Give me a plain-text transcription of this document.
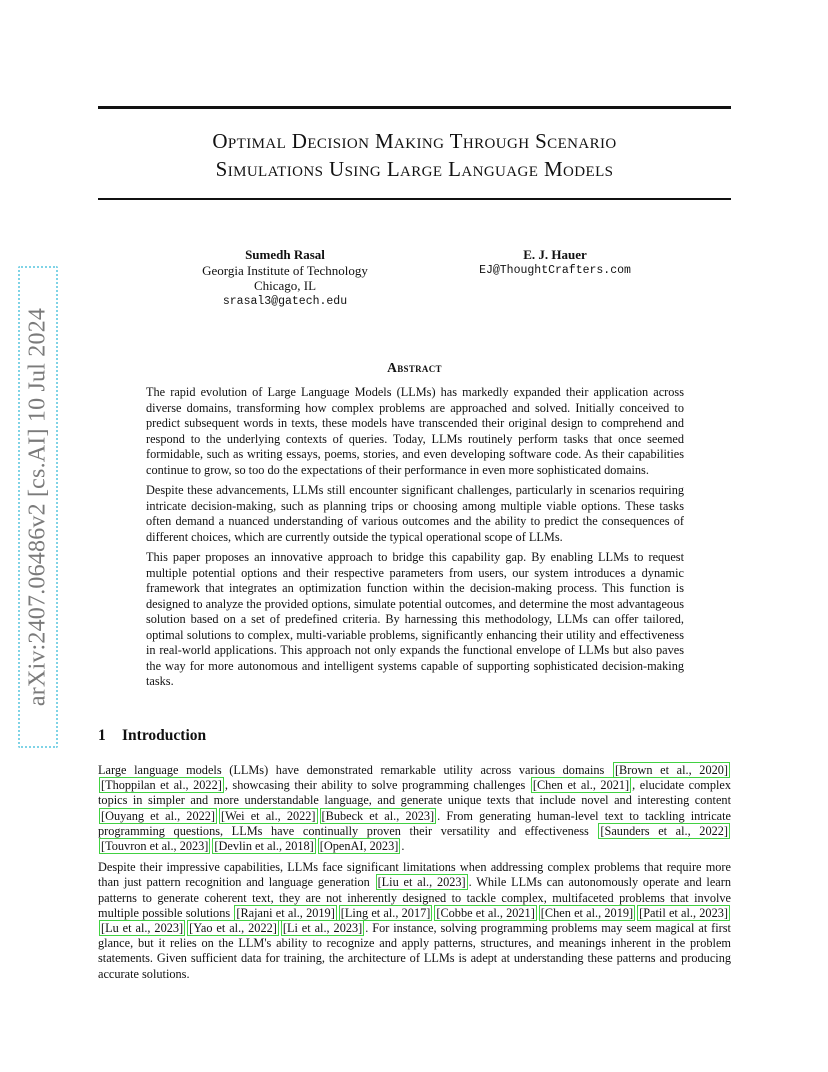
Optimal Decision Making Through Scenario
Simulations Using Large Language Models
arXiv:2407.06486v2 [cs.AI] 10 Jul 2024
Sumedh Rasal
Georgia Institute of Technology
Chicago, IL
srasal3@gatech.edu
E. J. Hauer
EJ@ThoughtCrafters.com
Abstract

The rapid evolution of Large Language Models (LLMs) has markedly expanded their application across diverse domains, transforming how complex problems are approached and solved. Initially conceived to predict subsequent words in texts, these models have transcended their original design to comprehend and respond to the underlying contexts of queries. Today, LLMs routinely perform tasks that once seemed formidable, such as writing essays, poems, stories, and even developing software code. As their capabilities continue to grow, so too do the expectations of their performance in even more sophisticated domains.

Despite these advancements, LLMs still encounter significant challenges, particularly in scenarios requiring intricate decision-making, such as planning trips or choosing among multiple viable options. These tasks often demand a nuanced understanding of various outcomes and the ability to predict the consequences of different choices, which are currently outside the typical operational scope of LLMs.

This paper proposes an innovative approach to bridge this capability gap. By enabling LLMs to request multiple potential options and their respective parameters from users, our system introduces a dynamic framework that integrates an optimization function within the decision-making process. This function is designed to analyze the provided options, simulate potential outcomes, and determine the most advantageous solution based on a set of predefined criteria. By harnessing this methodology, LLMs can offer tailored, optimal solutions to complex, multi-variable problems, significantly enhancing their utility and effectiveness in real-world applications. This approach not only expands the functional envelope of LLMs but also paves the way for more autonomous and intelligent systems capable of supporting sophisticated decision-making tasks.

1 Introduction

Large language models (LLMs) have demonstrated remarkable utility across various domains [Brown et al., 2020][Thoppilan et al., 2022] , showcasing their ability to solve programming challenges [Chen et al., 2021] , elucidate complex topics in simpler and more understandable language, and generate unique texts that include novel and interesting content [Ouyang et al., 2022] [Wei et al., 2022] [Bubeck et al., 2023] . From generating human-level text to tackling intricate programming questions, LLMs have continually proven their versatility and effectiveness [Saunders et al., 2022][Touvron et al., 2023] [Devlin et al., 2018] [OpenAI, 2023] .

Despite their impressive capabilities, LLMs face significant limitations when addressing complex problems that require more than just pattern recognition and language generation [Liu et al., 2023] . While LLMs can autonomously operate and learn patterns to generate coherent text, they are not inherently designed to tackle complex, multifaceted problems that involve multiple possible solutions [Rajani et al., 2019] [Ling et al., 2017] [Cobbe et al., 2021] [Chen et al., 2019] [Patil et al., 2023][Lu et al., 2023] [Yao et al., 2022] [Li et al., 2023] . For instance, solving programming problems may seem magical at first glance, but it relies on the LLM's ability to recognize and apply patterns, structures, and meanings inherent in the problem statements. Given sufficient data for training, the architecture of LLMs is adept at understanding these patterns and producing accurate solutions.
